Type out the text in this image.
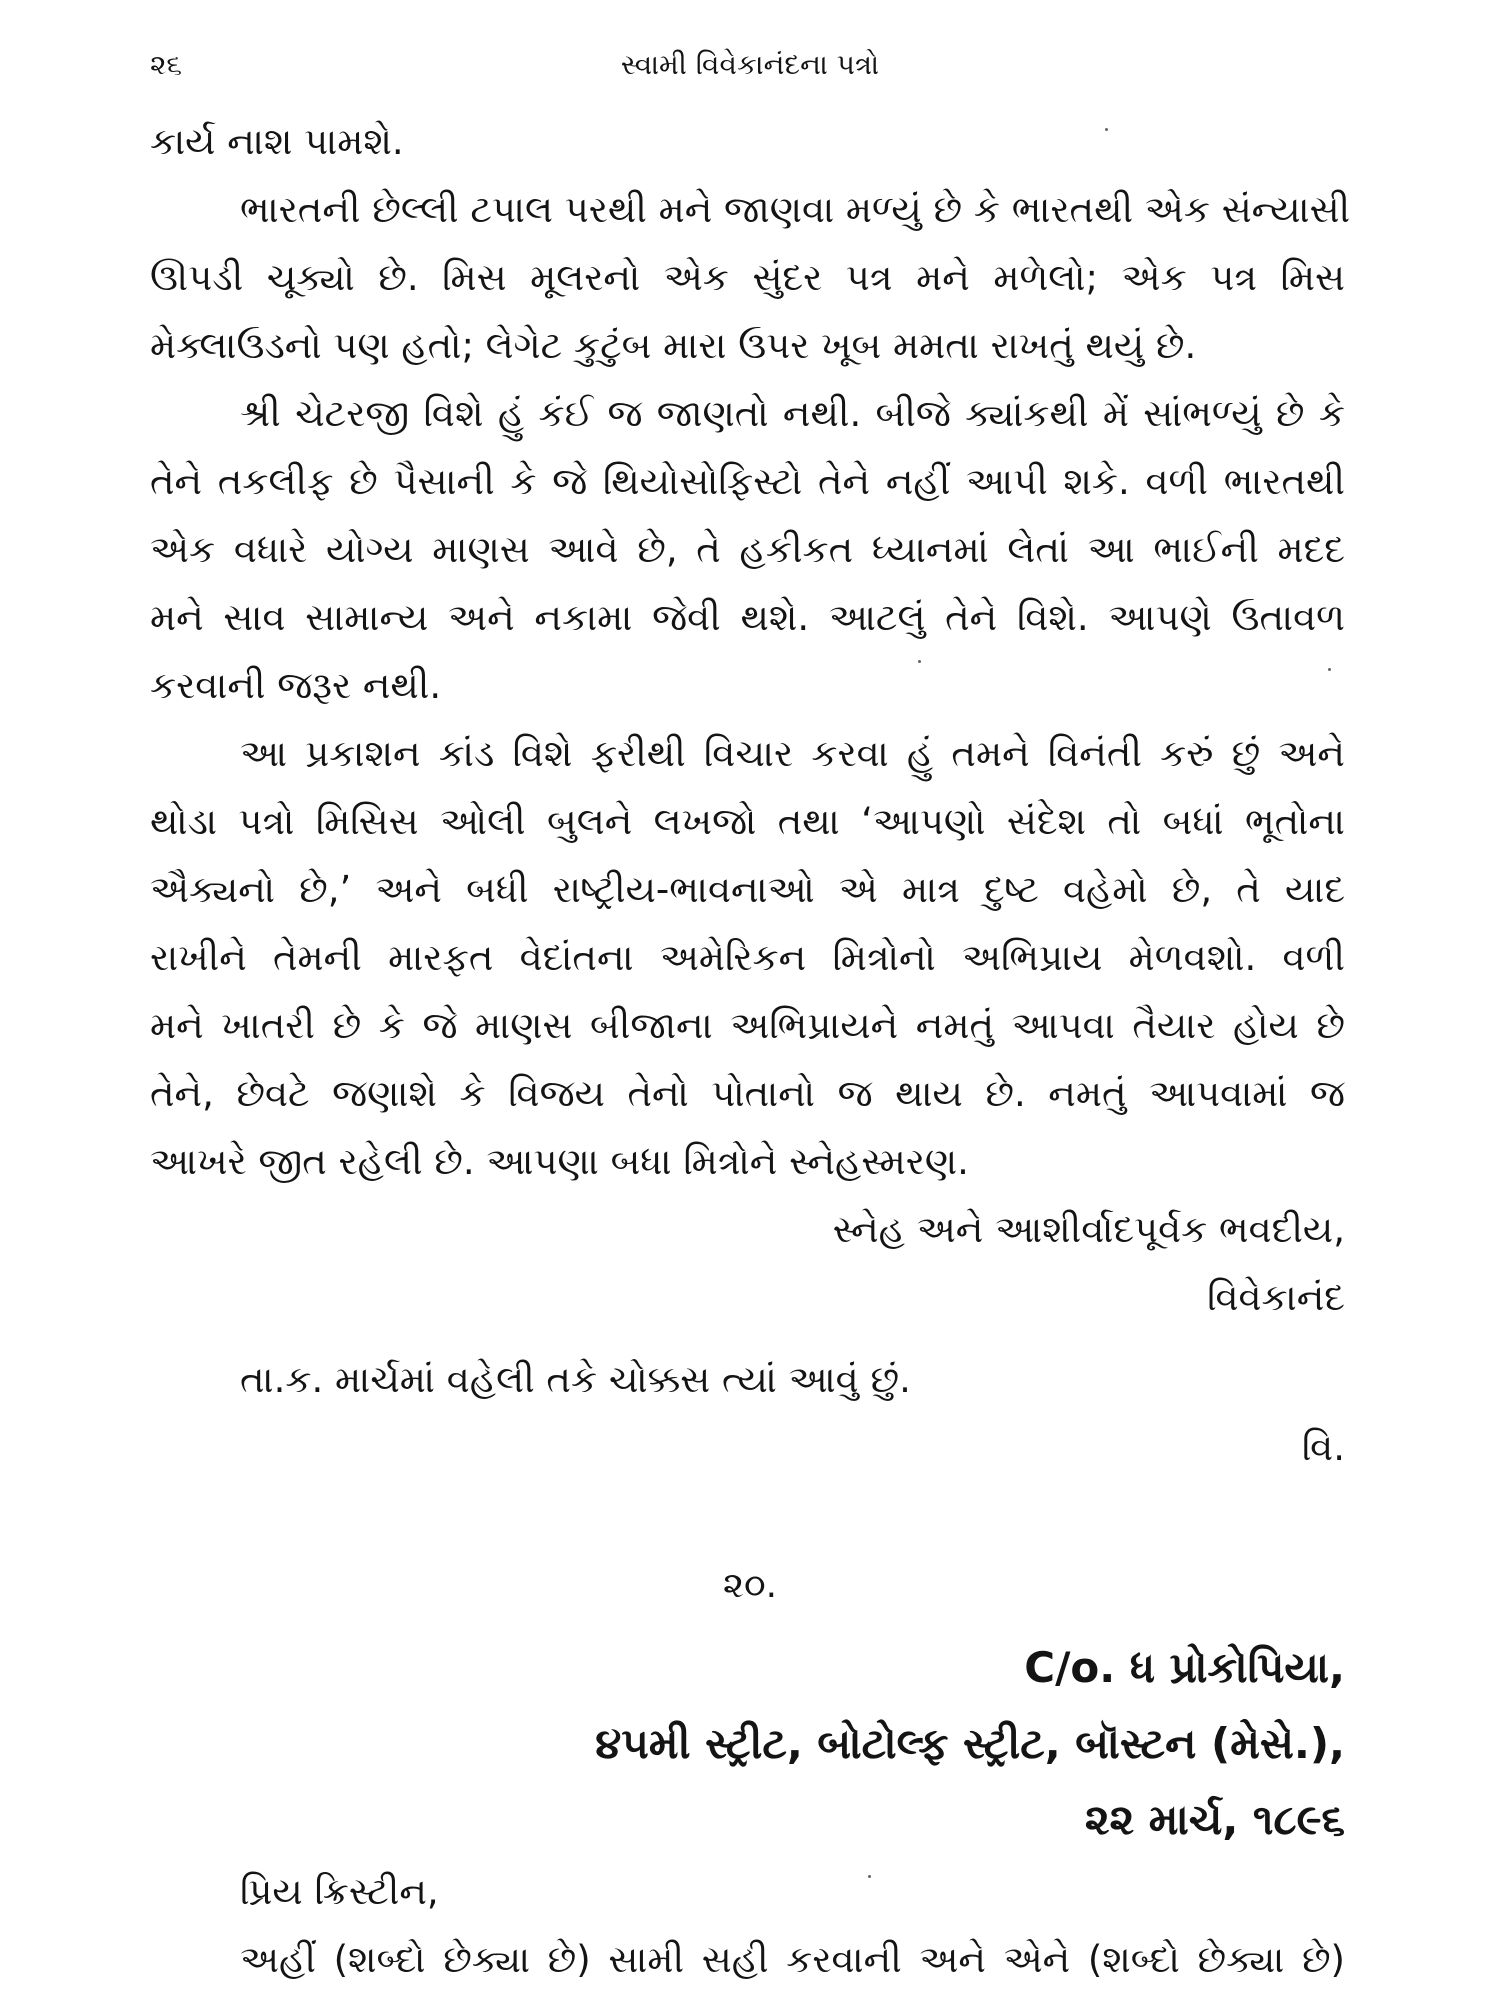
૨૬	સ્વામી વિવેકાનંદના પત્રો
કાર્ય નાશ પામશે.
ભારતની છેલ્લી ટપાલ પરથી મને જાણવા મળ્યું છે કે ભારતથી એક સંન્યાસી
ઊપડી ચૂક્યો છે. મિસ મૂલરનો એક સુંદર પત્ર મને મળેલો; એક પત્ર મિસ
મેક્લાઉડનો પણ હતો; લેગેટ કુટુંબ મારા ઉપર ખૂબ મમતા રાખતું થયું છે.
શ્રી ચેટરજી વિશે હું કંઈ જ જાણતો નથી. બીજે ક્યાંકથી મેં સાંભળ્યું છે કે
તેને તકલીફ છે પૈસાની કે જે થિયોસોફિસ્ટો તેને નહીં આપી શકે. વળી ભારતથી
એક વધારે યોગ્ય માણસ આવે છે, તે હકીકત ધ્યાનમાં લેતાં આ ભાઈની મદદ
મને સાવ સામાન્ય અને નકામા જેવી થશે. આટલું તેને વિશે. આપણે ઉતાવળ
કરવાની જરૂર નથી.
આ પ્રકાશન કાંડ વિશે ફરીથી વિચાર કરવા હું તમને વિનંતી કરું છું અને
થોડા પત્રો મિસિસ ઓલી બુલને લખજો તથા ‘આપણો સંદેશ તો બધાં ભૂતોના
ઐક્યનો છે,’ અને બધી રાષ્ટ્રીય-ભાવનાઓ એ માત્ર દુષ્ટ વહેમો છે, તે યાદ
રાખીને તેમની મારફત વેદાંતના અમેરિકન મિત્રોનો અભિપ્રાય મેળવશો. વળી
મને ખાતરી છે કે જે માણસ બીજાના અભિપ્રાયને નમતું આપવા તૈયાર હોય છે
તેને, છેવટે જણાશે કે વિજય તેનો પોતાનો જ થાય છે. નમતું આપવામાં જ
આખરે જીત રહેલી છે. આપણા બધા મિત્રોને સ્નેહસ્મરણ.
સ્નેહ અને આશીર્વાદપૂર્વક ભવદીય,
વિવેકાનંદ
તા.ક. માર્ચમાં વહેલી તકે ચોક્કસ ત્યાં આવું છું.
વિ.
૨૦.
C/o. ધ પ્રોકોપિયા,
૪૫મી સ્ટ્રીટ, બોટોલ્ફ સ્ટ્રીટ, બૉસ્ટન (મેસે.),
૨૨ માર્ચ, ૧૮૯૬
પ્રિય ક્રિસ્ટીન,
અહીં (શબ્દો છેક્યા છે) સામી સહી કરવાની અને એને (શબ્દો છેક્યા છે)
